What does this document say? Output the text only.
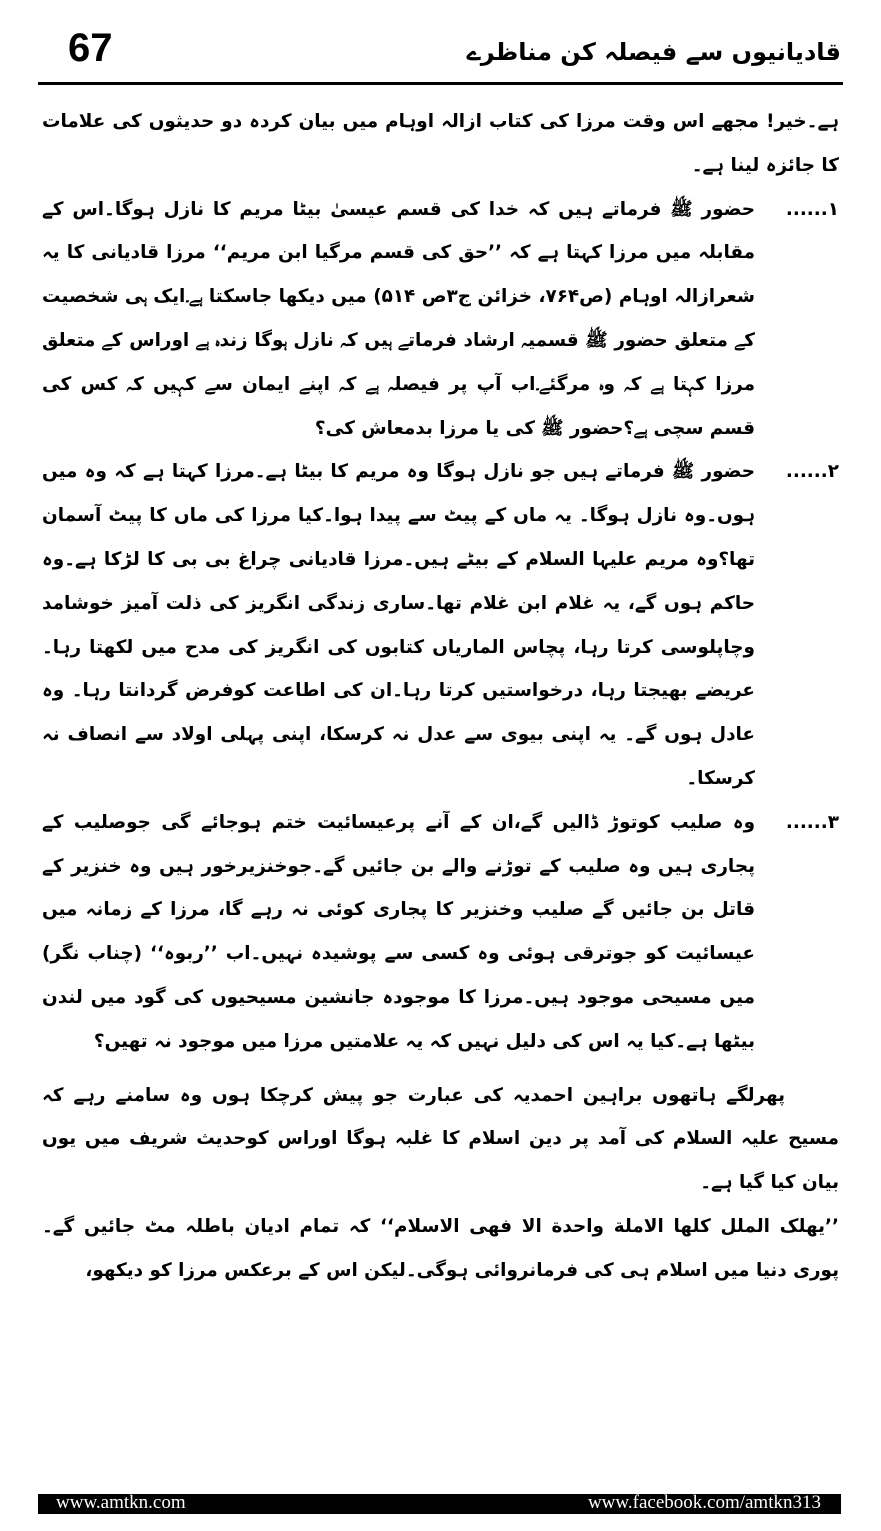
67	قادیانیوں سے فیصلہ کن مناظرے

ہے۔خیر! مجھے اس وقت مرزا کی کتاب ازالہ اوہام میں بیان کردہ دو حدیثوں کی علامات کا جائزہ لینا ہے۔

۱......
حضور ﷺ فرماتے ہیں کہ خدا کی قسم عیسیٰ بیٹا مریم کا نازل ہوگا۔اس کے مقابلہ میں مرزا کہتا ہے کہ ’’حق کی قسم مرگیا ابن مریم‘‘ مرزا قادیانی کا یہ شعرازالہ اوہام (ص۷۶۴، خزائن ج۳ص ۵۱۴) میں دیکھا جاسکتا ہے۔ایک ہی شخصیت کے متعلق حضور ﷺ قسمیہ ارشاد فرماتے ہیں کہ نازل ہوگا زندہ ہے اوراس کے متعلق مرزا کہتا ہے کہ وہ مرگئے۔اب آپ پر فیصلہ ہے کہ اپنے ایمان سے کہیں کہ کس کی قسم سچی ہے؟حضور ﷺ کی یا مرزا بدمعاش کی؟
۲......
حضور ﷺ فرماتے ہیں جو نازل ہوگا وہ مریم کا بیٹا ہے۔مرزا کہتا ہے کہ وہ میں ہوں۔وہ نازل ہوگا۔ یہ ماں کے پیٹ سے پیدا ہوا۔کیا مرزا کی ماں کا پیٹ آسمان تھا؟وہ مریم علیہا السلام کے بیٹے ہیں۔مرزا قادیانی چراغ بی بی کا لڑکا ہے۔وہ حاکم ہوں گے، یہ غلام ابن غلام تھا۔ساری زندگی انگریز کی ذلت آمیز خوشامد وچاپلوسی کرتا رہا، پچاس الماریاں کتابوں کی انگریز کی مدح میں لکھتا رہا۔عریضے بھیجتا رہا، درخواستیں کرتا رہا۔ان کی اطاعت کوفرض گردانتا رہا۔ وہ عادل ہوں گے۔ یہ اپنی بیوی سے عدل نہ کرسکا، اپنی پہلی اولاد سے انصاف نہ کرسکا۔
۳......
وہ صلیب کوتوڑ ڈالیں گے،ان کے آنے پرعیسائیت ختم ہوجائے گی جوصلیب کے پجاری ہیں وہ صلیب کے توڑنے والے بن جائیں گے۔جوخنزیرخور ہیں وہ خنزیر کے قاتل بن جائیں گے صلیب وخنزیر کا پجاری کوئی نہ رہے گا، مرزا کے زمانہ میں عیسائیت کو جوترقی ہوئی وہ کسی سے پوشیدہ نہیں۔اب ’’ربوہ‘‘ (چناب نگر) میں مسیحی موجود ہیں۔مرزا کا موجودہ جانشین مسیحیوں کی گود میں لندن بیٹھا ہے۔کیا یہ اس کی دلیل نہیں کہ یہ علامتیں مرزا میں موجود نہ تھیں؟

پھرلگے ہاتھوں براہین احمدیہ کی عبارت جو پیش کرچکا ہوں وہ سامنے رہے کہ مسیح علیہ السلام کی آمد پر دین اسلام کا غلبہ ہوگا اوراس کوحدیث شریف میں یوں بیان کیا گیا ہے۔

’’یهلک الملل کلها الاملة واحدة الا فهی الاسلام‘‘ کہ تمام ادیان باطلہ مٹ جائیں گے۔ پوری دنیا میں اسلام ہی کی فرمانروائی ہوگی۔لیکن اس کے برعکس مرزا کو دیکھو،

www.amtkn.com	www.facebook.com/amtkn313
